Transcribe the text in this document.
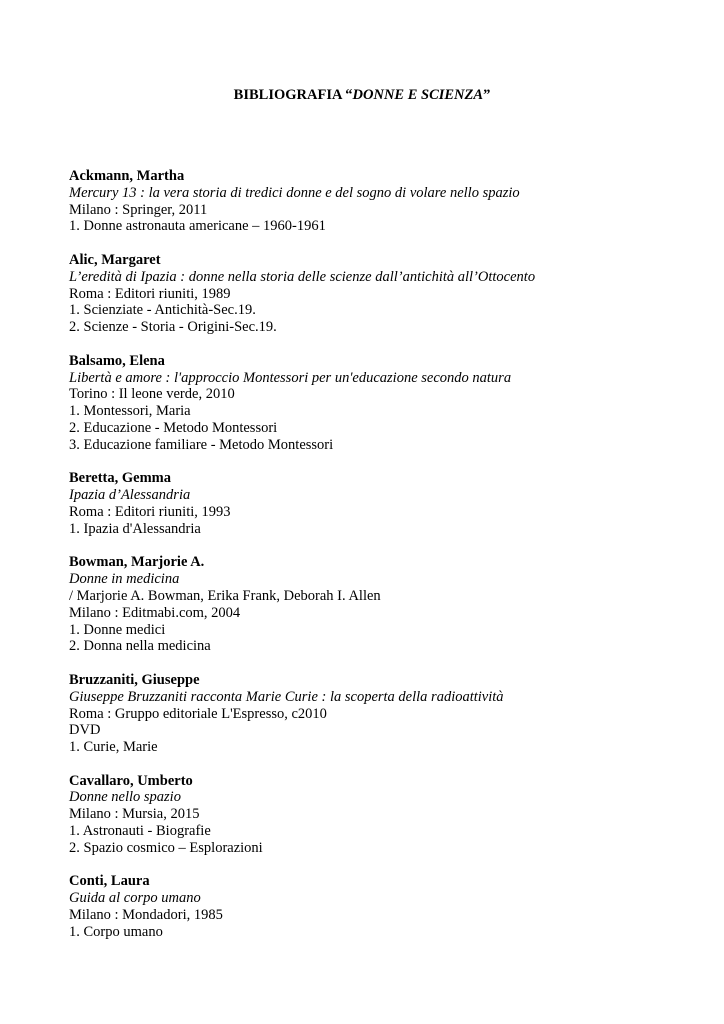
BIBLIOGRAFIA “DONNE E SCIENZA”
Ackmann, Martha
Mercury 13 : la vera storia di tredici donne e del sogno di volare nello spazio
Milano : Springer, 2011
1. Donne astronauta americane – 1960-1961
Alic, Margaret
L’eredità di Ipazia : donne nella storia delle scienze dall’antichità all’Ottocento
Roma : Editori riuniti, 1989
1. Scienziate - Antichità-Sec.19.
2. Scienze - Storia - Origini-Sec.19.
Balsamo, Elena
Libertà e amore : l'approccio Montessori per un'educazione secondo natura
Torino : Il leone verde, 2010
1. Montessori, Maria
2. Educazione - Metodo Montessori
3. Educazione familiare - Metodo Montessori
Beretta, Gemma
Ipazia d’Alessandria
Roma : Editori riuniti, 1993
1. Ipazia d'Alessandria
Bowman, Marjorie A.
Donne in medicina
/ Marjorie A. Bowman, Erika Frank, Deborah I. Allen
Milano : Editmabi.com, 2004
1. Donne medici
2. Donna nella medicina
Bruzzaniti, Giuseppe
Giuseppe Bruzzaniti racconta Marie Curie : la scoperta della radioattività
Roma : Gruppo editoriale L'Espresso, c2010
DVD
1. Curie, Marie
Cavallaro, Umberto
Donne nello spazio
Milano : Mursia, 2015
1. Astronauti - Biografie
2. Spazio cosmico – Esplorazioni
Conti, Laura
Guida al corpo umano
Milano : Mondadori, 1985
1. Corpo umano
